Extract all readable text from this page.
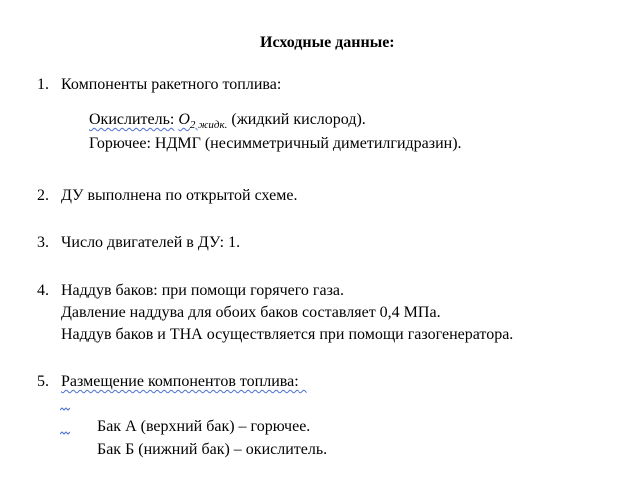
Исходные данные:
1. Компоненты ракетного топлива:
Окислитель: $O_{2 жидк.}$ (жидкий кислород).
Горючее: НДМГ (несимметричный диметилгидразин).
2. ДУ выполнена по открытой схеме.
3. Число двигателей в ДУ: 1.
4. Наддув баков: при помощи горячего газа.
Давление наддува для обоих баков составляет 0,4 МПа.
Наддув баков и ТНА осуществляется при помощи газогенератора.
5. Размещение компонентов топлива:
Бак А (верхний бак) – горючее.
Бак Б (нижний бак) – окислитель.
